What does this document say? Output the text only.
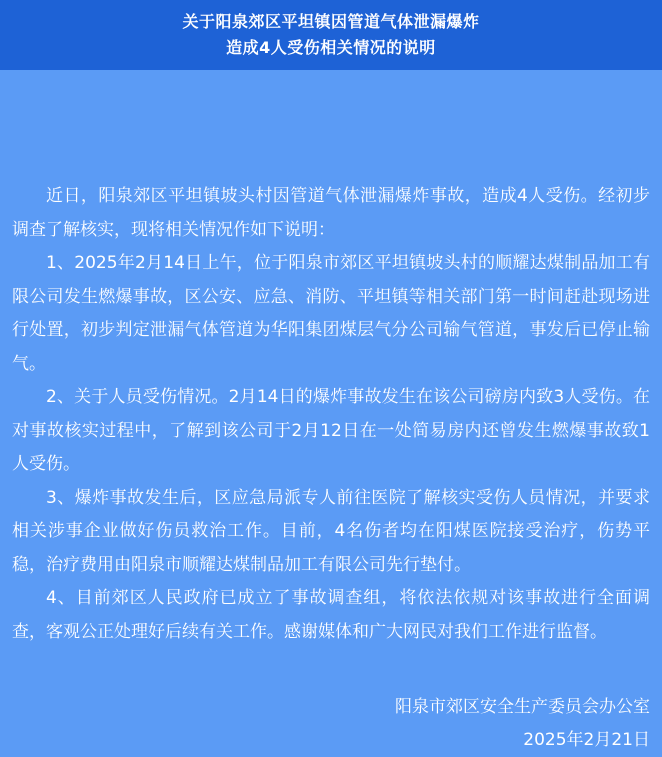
关于阳泉郊区平坦镇因管道气体泄漏爆炸
造成4人受伤相关情况的说明

近日，阳泉郊区平坦镇坡头村因管道气体泄漏爆炸事故，造成4人受伤。经初步调查了解核实，现将相关情况作如下说明：

1、2025年2月14日上午，位于阳泉市郊区平坦镇坡头村的顺耀达煤制品加工有限公司发生燃爆事故，区公安、应急、消防、平坦镇等相关部门第一时间赶赴现场进行处置，初步判定泄漏气体管道为华阳集团煤层气分公司输气管道，事发后已停止输气。

2、关于人员受伤情况。2月14日的爆炸事故发生在该公司磅房内致3人受伤。在对事故核实过程中，了解到该公司于2月12日在一处简易房内还曾发生燃爆事故致1人受伤。

3、爆炸事故发生后，区应急局派专人前往医院了解核实受伤人员情况，并要求相关涉事企业做好伤员救治工作。目前，4名伤者均在阳煤医院接受治疗，伤势平稳，治疗费用由阳泉市顺耀达煤制品加工有限公司先行垫付。

4、目前郊区人民政府已成立了事故调查组，将依法依规对该事故进行全面调查，客观公正处理好后续有关工作。感谢媒体和广大网民对我们工作进行监督。

阳泉市郊区安全生产委员会办公室
2025年2月21日
